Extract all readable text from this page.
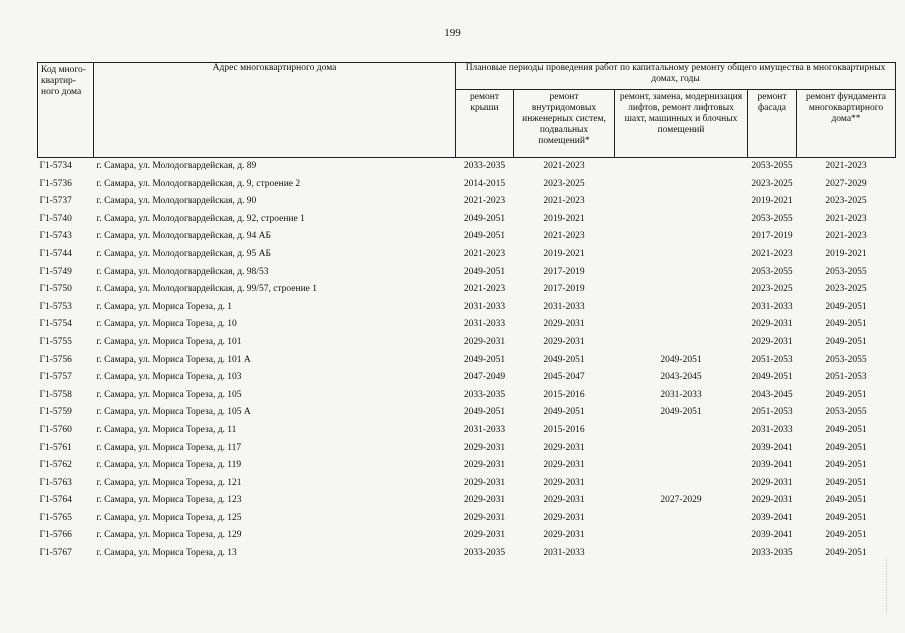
199
Код много-квартир-ного дома	Адрес многоквартирного дома	Плановые периоды проведения работ по капитальному ремонту общего имущества в многоквартирных домах, годы				
		ремонт крыши	ремонт внутридомовых инженерных систем, подвальных помещений*	ремонт, замена, модернизация лифтов, ремонт лифтовых шахт, машинных и блочных помещений	ремонт фасада	ремонт фундамента многоквартирного дома**
Г1-5734	г. Самара, ул. Молодогвардейская, д. 89	2033-2035	2021-2023		2053-2055	2021-2023
Г1-5736	г. Самара, ул. Молодогвардейская, д. 9, строение 2	2014-2015	2023-2025		2023-2025	2027-2029
Г1-5737	г. Самара, ул. Молодогвардейская, д. 90	2021-2023	2021-2023		2019-2021	2023-2025
Г1-5740	г. Самара, ул. Молодогвардейская, д. 92, строение 1	2049-2051	2019-2021		2053-2055	2021-2023
Г1-5743	г. Самара, ул. Молодогвардейская, д. 94 АБ	2049-2051	2021-2023		2017-2019	2021-2023
Г1-5744	г. Самара, ул. Молодогвардейская, д. 95 АБ	2021-2023	2019-2021		2021-2023	2019-2021
Г1-5749	г. Самара, ул. Молодогвардейская, д. 98/53	2049-2051	2017-2019		2053-2055	2053-2055
Г1-5750	г. Самара, ул. Молодогвардейская, д. 99/57, строение 1	2021-2023	2017-2019		2023-2025	2023-2025
Г1-5753	г. Самара, ул. Мориса Тореза, д. 1	2031-2033	2031-2033		2031-2033	2049-2051
Г1-5754	г. Самара, ул. Мориса Тореза, д. 10	2031-2033	2029-2031		2029-2031	2049-2051
Г1-5755	г. Самара, ул. Мориса Тореза, д. 101	2029-2031	2029-2031		2029-2031	2049-2051
Г1-5756	г. Самара, ул. Мориса Тореза, д. 101 А	2049-2051	2049-2051	2049-2051	2051-2053	2053-2055
Г1-5757	г. Самара, ул. Мориса Тореза, д. 103	2047-2049	2045-2047	2043-2045	2049-2051	2051-2053
Г1-5758	г. Самара, ул. Мориса Тореза, д. 105	2033-2035	2015-2016	2031-2033	2043-2045	2049-2051
Г1-5759	г. Самара, ул. Мориса Тореза, д. 105 А	2049-2051	2049-2051	2049-2051	2051-2053	2053-2055
Г1-5760	г. Самара, ул. Мориса Тореза, д. 11	2031-2033	2015-2016		2031-2033	2049-2051
Г1-5761	г. Самара, ул. Мориса Тореза, д. 117	2029-2031	2029-2031		2039-2041	2049-2051
Г1-5762	г. Самара, ул. Мориса Тореза, д. 119	2029-2031	2029-2031		2039-2041	2049-2051
Г1-5763	г. Самара, ул. Мориса Тореза, д. 121	2029-2031	2029-2031		2029-2031	2049-2051
Г1-5764	г. Самара, ул. Мориса Тореза, д. 123	2029-2031	2029-2031	2027-2029	2029-2031	2049-2051
Г1-5765	г. Самара, ул. Мориса Тореза, д. 125	2029-2031	2029-2031		2039-2041	2049-2051
Г1-5766	г. Самара, ул. Мориса Тореза, д. 129	2029-2031	2029-2031		2039-2041	2049-2051
Г1-5767	г. Самара, ул. Мориса Тореза, д. 13	2033-2035	2031-2033		2033-2035	2049-2051
